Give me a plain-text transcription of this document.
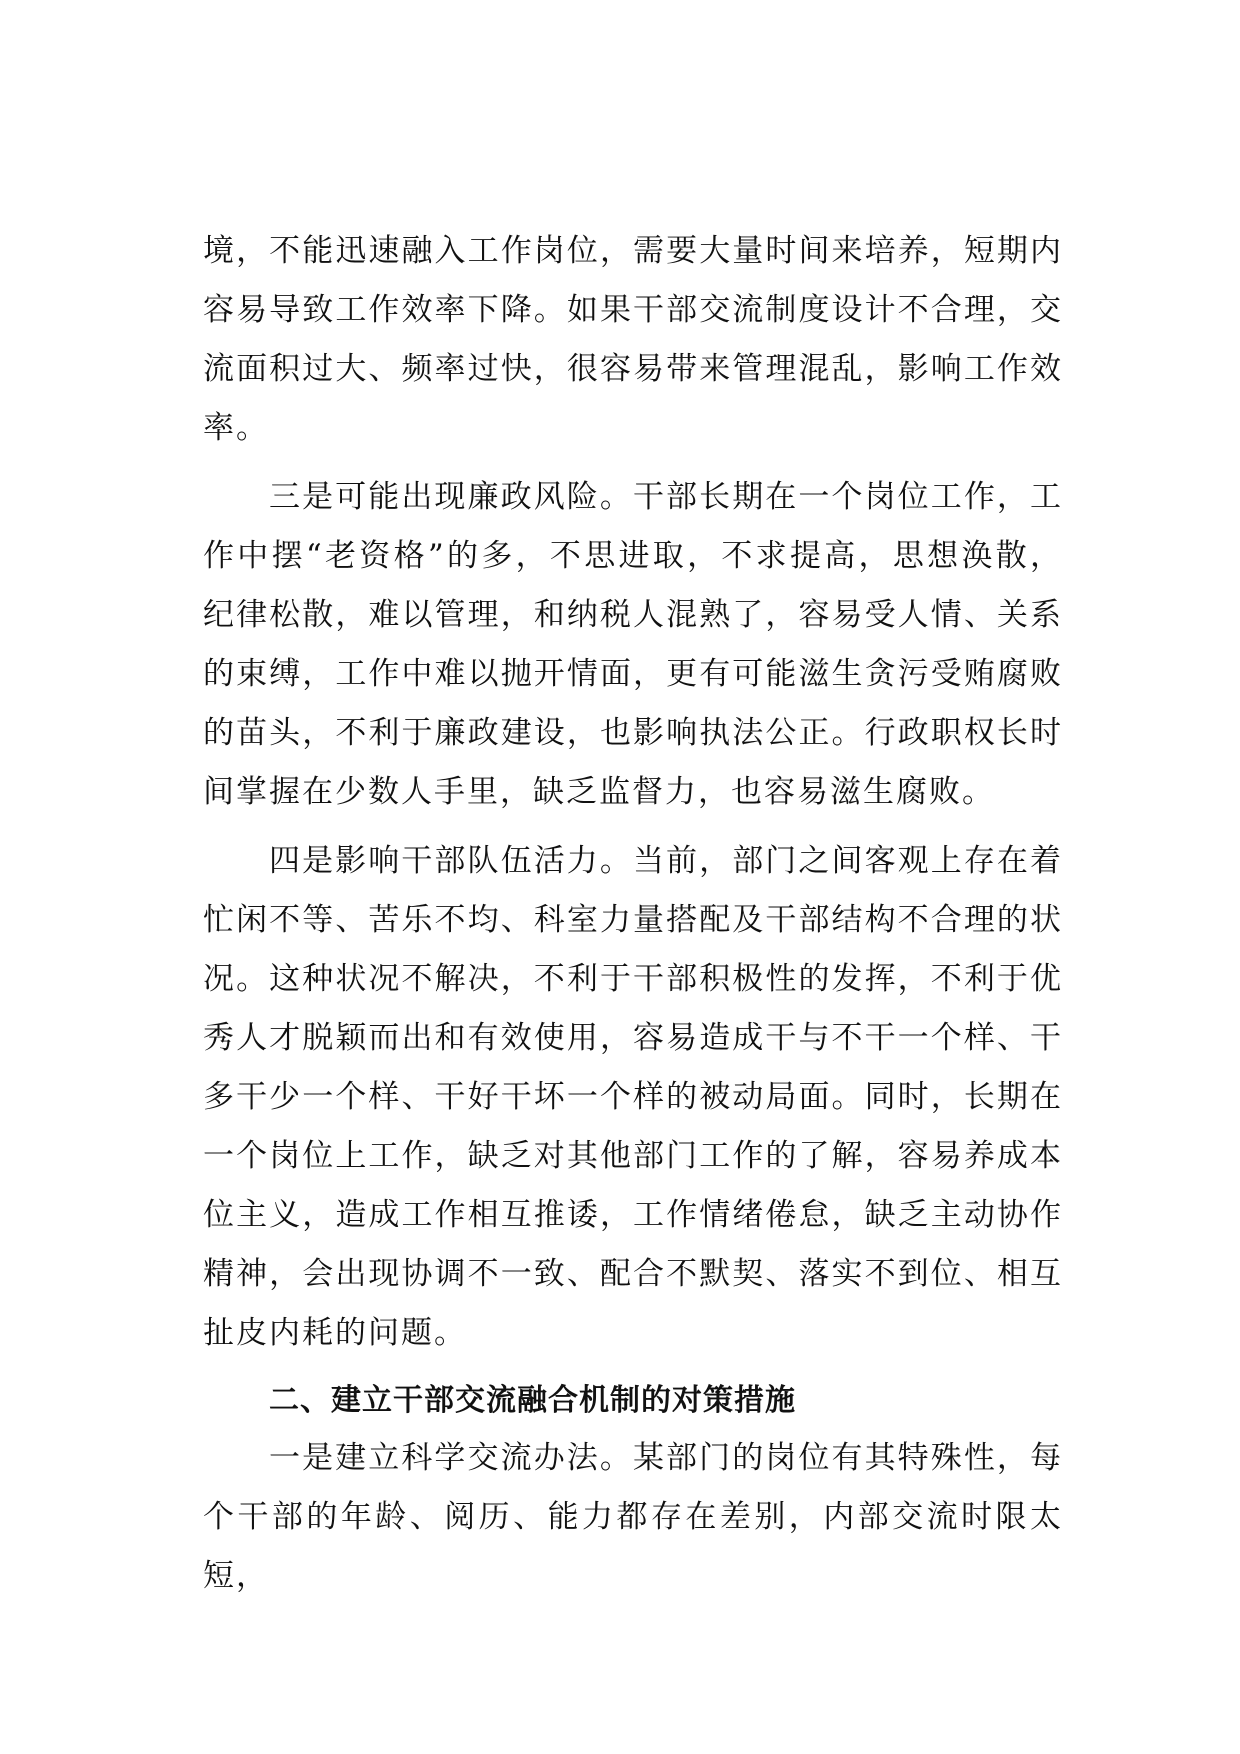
境，不能迅速融入工作岗位，需要大量时间来培养，短期内容易导致工作效率下降。如果干部交流制度设计不合理，交流面积过大、频率过快，很容易带来管理混乱，影响工作效率。

三是可能出现廉政风险。干部长期在一个岗位工作，工作中摆“老资格”的多，不思进取，不求提高，思想涣散，纪律松散，难以管理，和纳税人混熟了，容易受人情、关系的束缚，工作中难以抛开情面，更有可能滋生贪污受贿腐败的苗头，不利于廉政建设，也影响执法公正。行政职权长时间掌握在少数人手里，缺乏监督力，也容易滋生腐败。

四是影响干部队伍活力。当前，部门之间客观上存在着忙闲不等、苦乐不均、科室力量搭配及干部结构不合理的状况。这种状况不解决，不利于干部积极性的发挥，不利于优秀人才脱颖而出和有效使用，容易造成干与不干一个样、干多干少一个样、干好干坏一个样的被动局面。同时，长期在一个岗位上工作，缺乏对其他部门工作的了解，容易养成本位主义，造成工作相互推诿，工作情绪倦怠，缺乏主动协作精神，会出现协调不一致、配合不默契、落实不到位、相互扯皮内耗的问题。

二、建立干部交流融合机制的对策措施

一是建立科学交流办法。某部门的岗位有其特殊性，每个干部的年龄、阅历、能力都存在差别，内部交流时限太短，
